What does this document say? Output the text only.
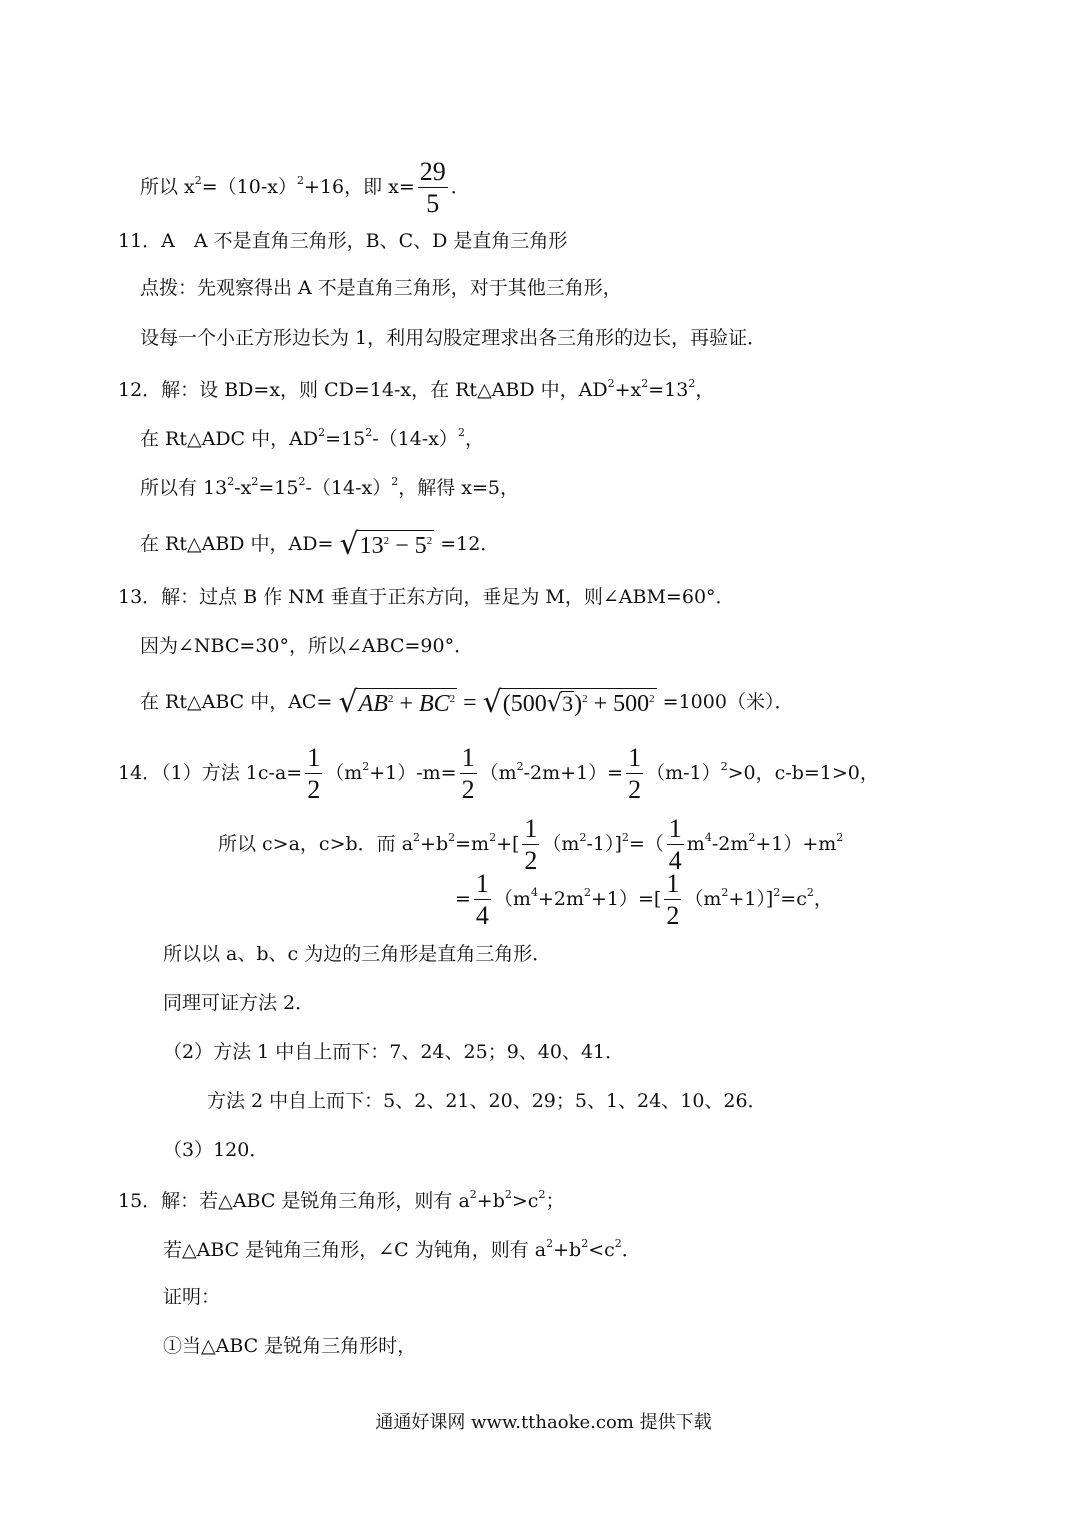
所以 $x^2=(10-x)^2+16$，即 $x= \frac{29}{5}$ ．
11．A　A 不是直角三角形，B、C、D 是直角三角形
点拨：先观察得出 A 不是直角三角形，对于其他三角形，
设每一个小正方形边长为 1，利用勾股定理求出各三角形的边长，再验证．
12．解：设 BD=x，则 CD=14-x，在 Rt△ABD 中，$AD^2+x^2=13^2$，
在 Rt△ADC 中，$AD^2=15^2-(14-x)^2$，
所以有 $13^2-x^2=15^2-(14-x)^2$，解得 x=5，
在 Rt△ABD 中，AD= √ $13^2 - 5^2 =12$．
13．解：过点 B 作 NM 垂直于正东方向，垂足为 M，则∠ABM=60°．
因为∠NBC=30°，所以∠ABC=90°．
在 Rt△ABC 中，AC= √ $AB^2 + BC^2$ = √ (500 √ 3 )$^2 + 500^2 =1000$（米）．
14．（1）方法 $1c-a= \frac{1}{2} (m^2+1)-m= \frac{1}{2} (m^2-2m+1)= \frac{1}{2} (m-1)^2>0$，c-b=1>0，
所以 c>a，c>b．而 $a^2+b^2=m^2+[ \frac{1}{2} (m^2-1)]^2=( \frac{1}{4} m^4-2m^2+1)+m^2$
= $\frac{1}{4} (m^4+2m^2+1)=[ \frac{1}{2} (m^2+1)]^2=c^2$，
所以以 a、b、c 为边的三角形是直角三角形．
同理可证方法 2．
（2）方法 1 中自上而下：7、24、25；9、40、41．
方法 2 中自上而下：5、2、21、20、29；5、1、24、10、26．
（3）120．
15．解：若△ABC 是锐角三角形，则有 $a^2+b^2>c^2$；
若△ABC 是钝角三角形，∠C 为钝角，则有 $a^2+b^2<c^2$．
证明：
①当△ABC 是锐角三角形时，
通通好课网 www.tthaoke.com 提供下载
